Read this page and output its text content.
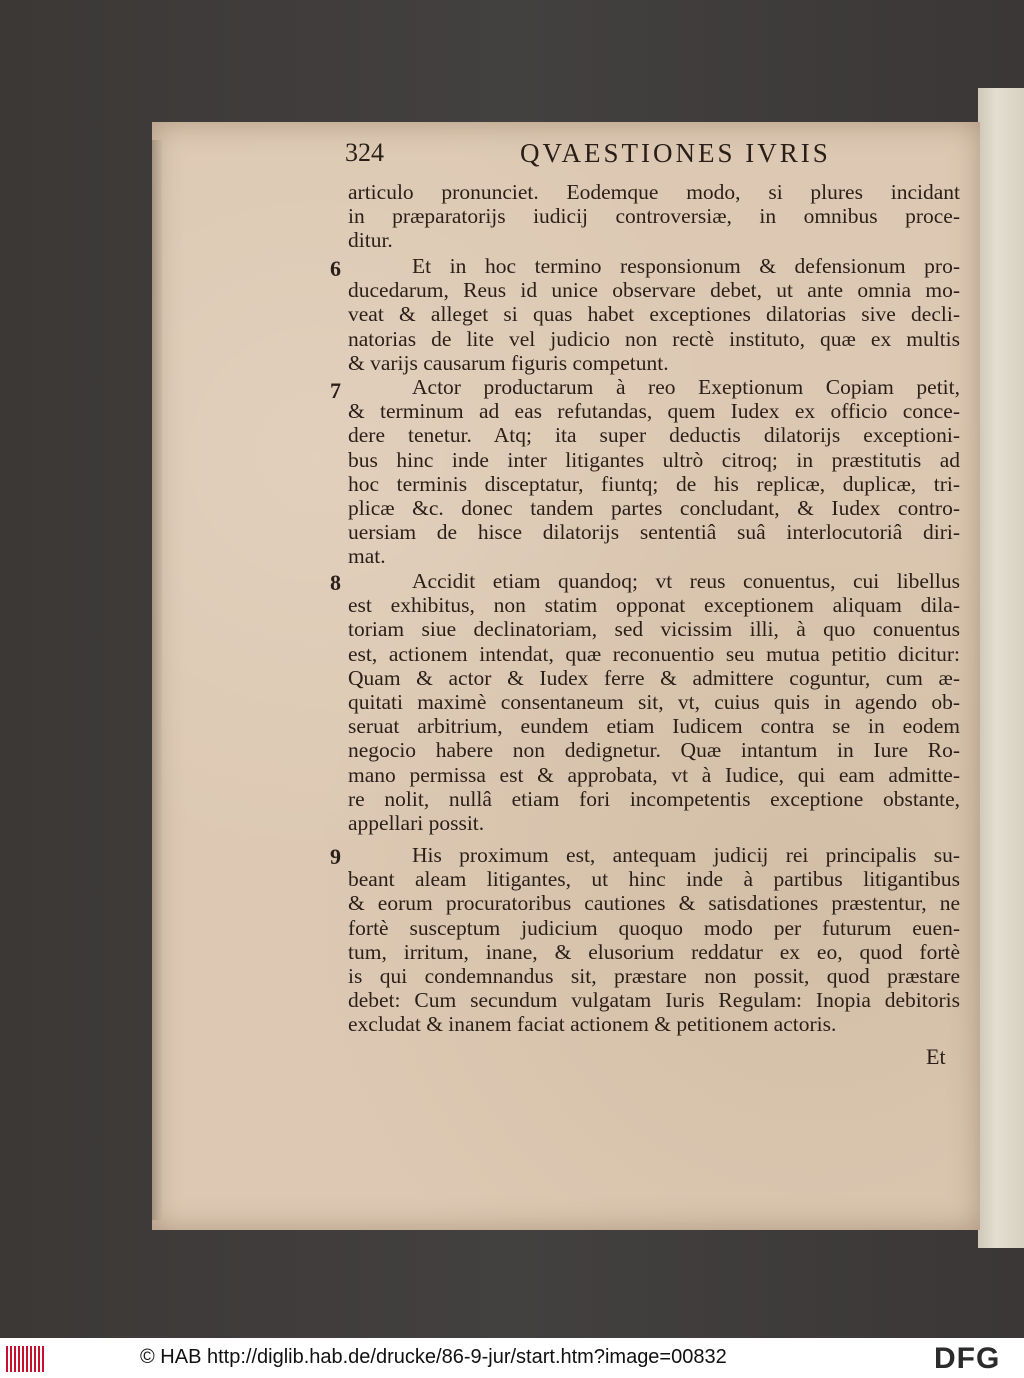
324	QVAESTIONES IVRIS
articulo pronunciet. Eodemque modo, si plures incidant
in præparatorijs iudicij controversiæ, in omnibus proce-
ditur.
6	Et in hoc termino responsionum & defensionum pro-
ducedarum, Reus id unice observare debet, ut ante omnia mo-
veat & alleget si quas habet exceptiones dilatorias sive decli-
natorias de lite vel judicio non rectè instituto, quæ ex multis
& varijs causarum figuris competunt.
7	Actor productarum à reo Exeptionum Copiam petit,
& terminum ad eas refutandas, quem Iudex ex officio conce-
dere tenetur. Atq; ita super deductis dilatorijs exceptioni-
bus hinc inde inter litigantes ultrò citroq; in præstitutis ad
hoc terminis disceptatur, fiuntq; de his replicæ, duplicæ, tri-
plicæ &c. donec tandem partes concludant, & Iudex contro-
uersiam de hisce dilatorijs sententiâ suâ interlocutoriâ diri-
mat.
8	Accidit etiam quandoq; vt reus conuentus, cui libellus
est exhibitus, non statim opponat exceptionem aliquam dila-
toriam siue declinatoriam, sed vicissim illi, à quo conuentus
est, actionem intendat, quæ reconuentio seu mutua petitio dicitur:
Quam & actor & Iudex ferre & admittere coguntur, cum æ-
quitati maximè consentaneum sit, vt, cuius quis in agendo ob-
seruat arbitrium, eundem etiam Iudicem contra se in eodem
negocio habere non dedignetur. Quæ intantum in Iure Ro-
mano permissa est & approbata, vt à Iudice, qui eam admitte-
re nolit, nullâ etiam fori incompetentis exceptione obstante,
appellari possit.
9	His proximum est, antequam judicij rei principalis su-
beant aleam litigantes, ut hinc inde à partibus litigantibus
& eorum procuratoribus cautiones & satisdationes præstentur, ne
fortè susceptum judicium quoquo modo per futurum euen-
tum, irritum, inane, & elusorium reddatur ex eo, quod fortè
is qui condemnandus sit, præstare non possit, quod præstare
debet: Cum secundum vulgatam Iuris Regulam: Inopia debitoris
excludat & inanem faciat actionem & petitionem actoris.
Et
© HAB http://diglib.hab.de/drucke/86-9-jur/start.htm?image=00832	DFG
